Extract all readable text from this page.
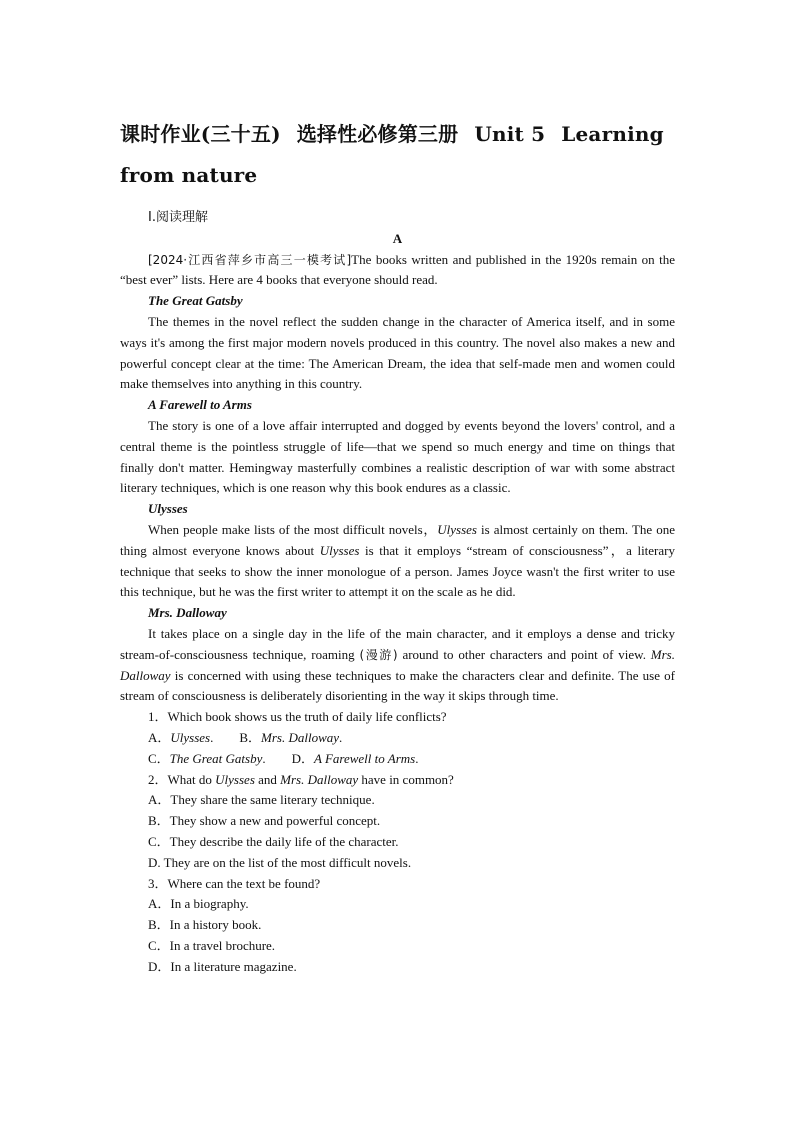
课时作业(三十五) 选择性必修第三册 Unit 5 Learning
from nature
Ⅰ.阅读理解
A

[2024·江西省萍乡市高三一模考试]The books written and published in the 1920s remain on the “best ever” lists. Here are 4 books that everyone should read.

The Great Gatsby

The themes in the novel reflect the sudden change in the character of America itself, and in some ways it's among the first major modern novels produced in this country. The novel also makes a new and powerful concept clear at the time: The American Dream, the idea that self-made men and women could make themselves into anything in this country.

A Farewell to Arms

The story is one of a love affair interrupted and dogged by events beyond the lovers' control, and a central theme is the pointless struggle of life—that we spend so much energy and time on things that finally don't matter. Hemingway masterfully combines a realistic description of war with some abstract literary techniques, which is one reason why this book endures as a classic.

Ulysses

When people make lists of the most difficult novels，Ulysses is almost certainly on them. The one thing almost everyone knows about Ulysses is that it employs “stream of consciousness”，a literary technique that seeks to show the inner monologue of a person. James Joyce wasn't the first writer to use this technique, but he was the first writer to attempt it on the scale as he did.

Mrs. Dalloway

It takes place on a single day in the life of the main character, and it employs a dense and tricky stream-of-consciousness technique, roaming (漫游) around to other characters and point of view. Mrs. Dalloway is concerned with using these techniques to make the characters clear and definite. The use of stream of consciousness is deliberately disorienting in the way it skips through time.

1．Which book shows us the truth of daily life conflicts?
A．Ulysses. B．Mrs. Dalloway.
C．The Great Gatsby. D．A Farewell to Arms.
2．What do Ulysses and Mrs. Dalloway have in common?
A．They share the same literary technique.
B．They show a new and powerful concept.
C．They describe the daily life of the character.
D. They are on the list of the most difficult novels.
3．Where can the text be found?
A．In a biography.
B．In a history book.
C．In a travel brochure.
D．In a literature magazine.
